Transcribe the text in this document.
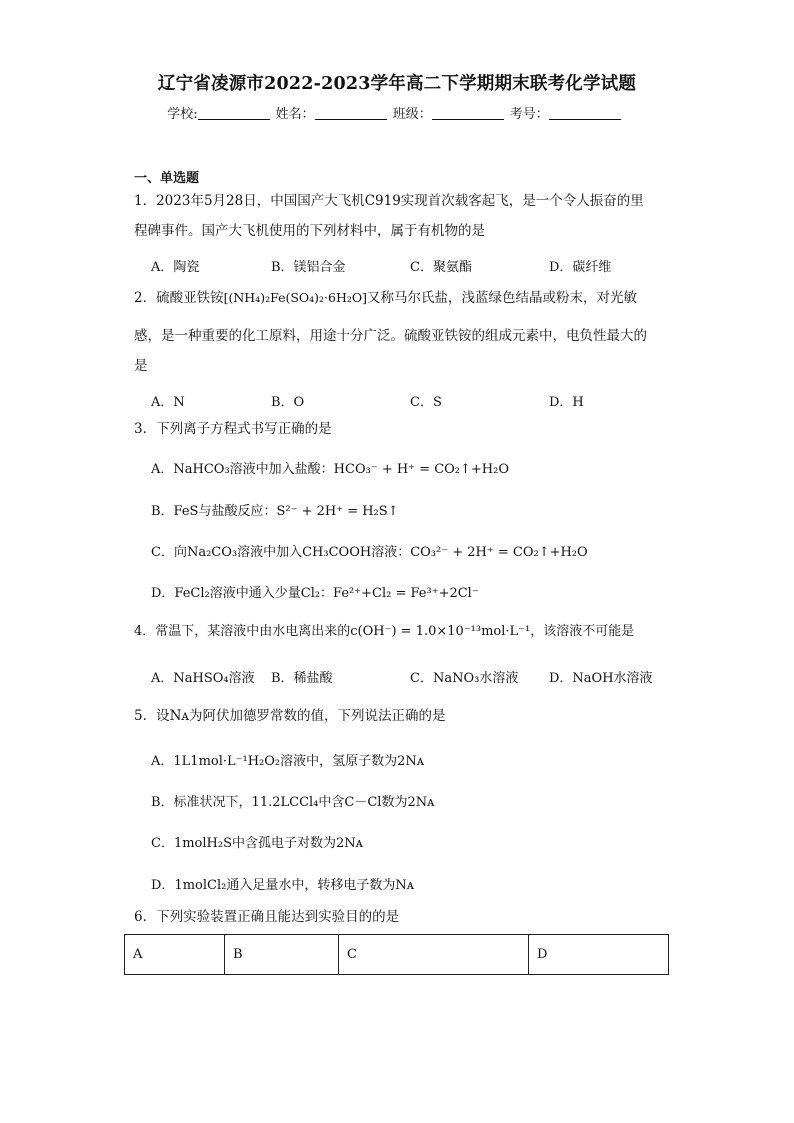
辽宁省凌源市2022-2023学年高二下学期期末联考化学试题
学校:	姓名：	班级：	考号：
一、单选题
1．2023年5月28日，中国国产大飞机C919实现首次载客起飞，是一个令人振奋的里
程碑事件。国产大飞机使用的下列材料中，属于有机物的是
A．陶瓷	B．镁铝合金	C．聚氨酯	D．碳纤维
2．硫酸亚铁铵[(NH₄)₂Fe(SO₄)₂·6H₂O]又称马尔氏盐，浅蓝绿色结晶或粉末，对光敏
感，是一种重要的化工原料，用途十分广泛。硫酸亚铁铵的组成元素中，电负性最大的
是
A．N	B．O	C．S	D．H
3．下列离子方程式书写正确的是
A．NaHCO₃溶液中加入盐酸：HCO₃⁻ + H⁺ = CO₂↑+H₂O
B．FeS与盐酸反应：S²⁻ + 2H⁺ = H₂S↑
C．向Na₂CO₃溶液中加入CH₃COOH溶液：CO₃²⁻ + 2H⁺ = CO₂↑+H₂O
D．FeCl₂溶液中通入少量Cl₂：Fe²⁺+Cl₂ = Fe³⁺+2Cl⁻
4．常温下，某溶液中由水电离出来的c(OH⁻) = 1.0×10⁻¹³mol·L⁻¹，该溶液不可能是
A．NaHSO₄溶液 B．稀盐酸	C．NaNO₃水溶液 D．NaOH水溶液
5．设Nᴀ为阿伏加德罗常数的值，下列说法正确的是
A．1L1mol·L⁻¹H₂O₂溶液中，氢原子数为2Nᴀ
B．标准状况下，11.2LCCl₄中含C－Cl数为2Nᴀ
C．1molH₂S中含孤电子对数为2Nᴀ
D．1molCl₂通入足量水中，转移电子数为Nᴀ
6．下列实验装置正确且能达到实验目的的是
A	B	C	D
